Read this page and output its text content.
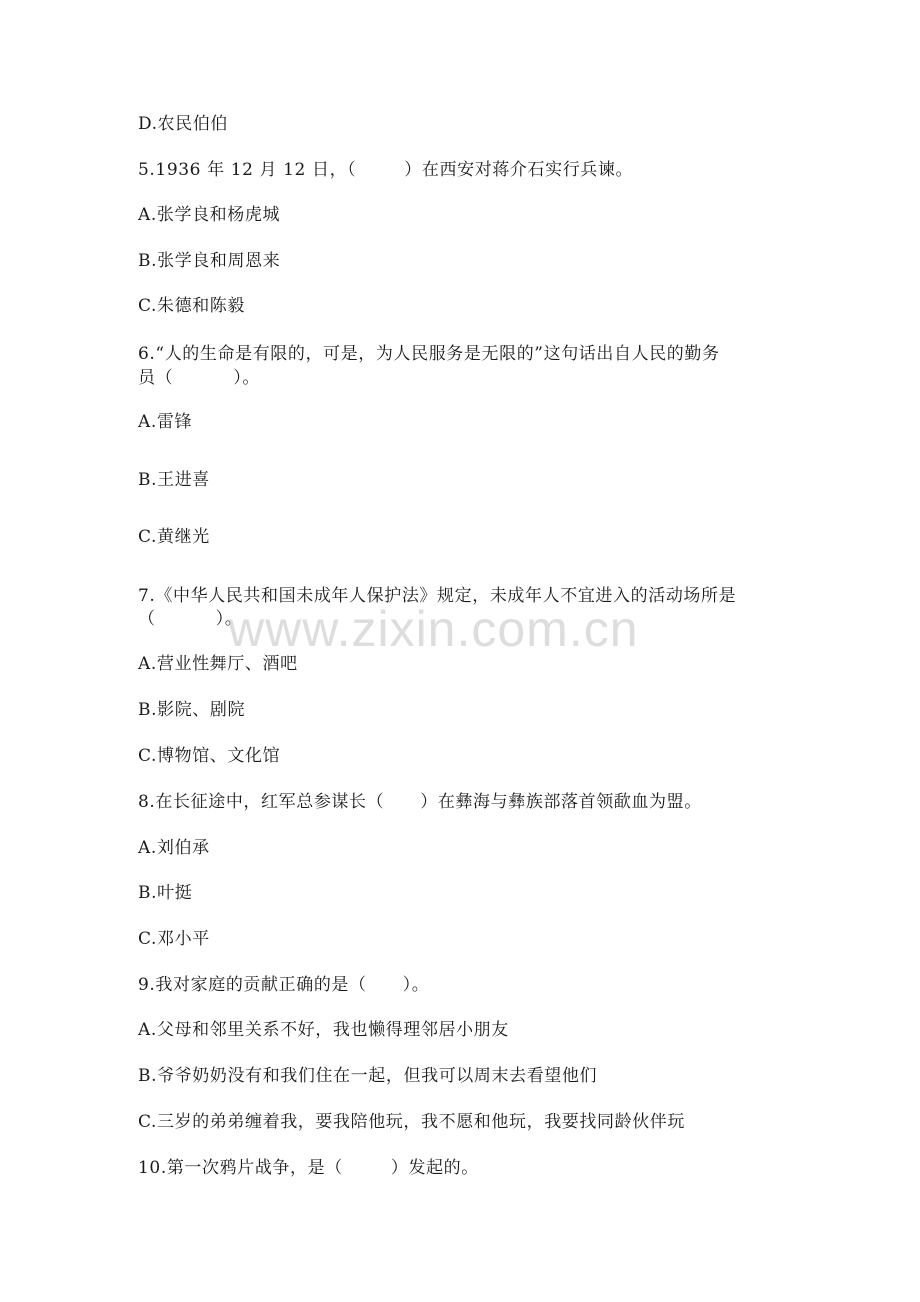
D.农民伯伯
5.1936 年 12 月 12 日，（        ）在西安对蒋介石实行兵谏。
A.张学良和杨虎城
B.张学良和周恩来
C.朱德和陈毅
6.“人的生命是有限的，可是，为人民服务是无限的”这句话出自人民的勤务
员（          ）。
A.雷锋
B.王进喜
C.黄继光
7.《中华人民共和国未成年人保护法》规定，未成年人不宜进入的活动场所是
（          ）。
A.营业性舞厅、酒吧
B.影院、剧院
C.博物馆、文化馆
8.在长征途中，红军总参谋长（      ）在彝海与彝族部落首领歃血为盟。
A.刘伯承
B.叶挺
C.邓小平
9.我对家庭的贡献正确的是（      ）。
A.父母和邻里关系不好，我也懒得理邻居小朋友
B.爷爷奶奶没有和我们住在一起，但我可以周末去看望他们
C.三岁的弟弟缠着我，要我陪他玩，我不愿和他玩，我要找同龄伙伴玩
10.第一次鸦片战争，是（        ）发起的。
www.zixin.com.cn
